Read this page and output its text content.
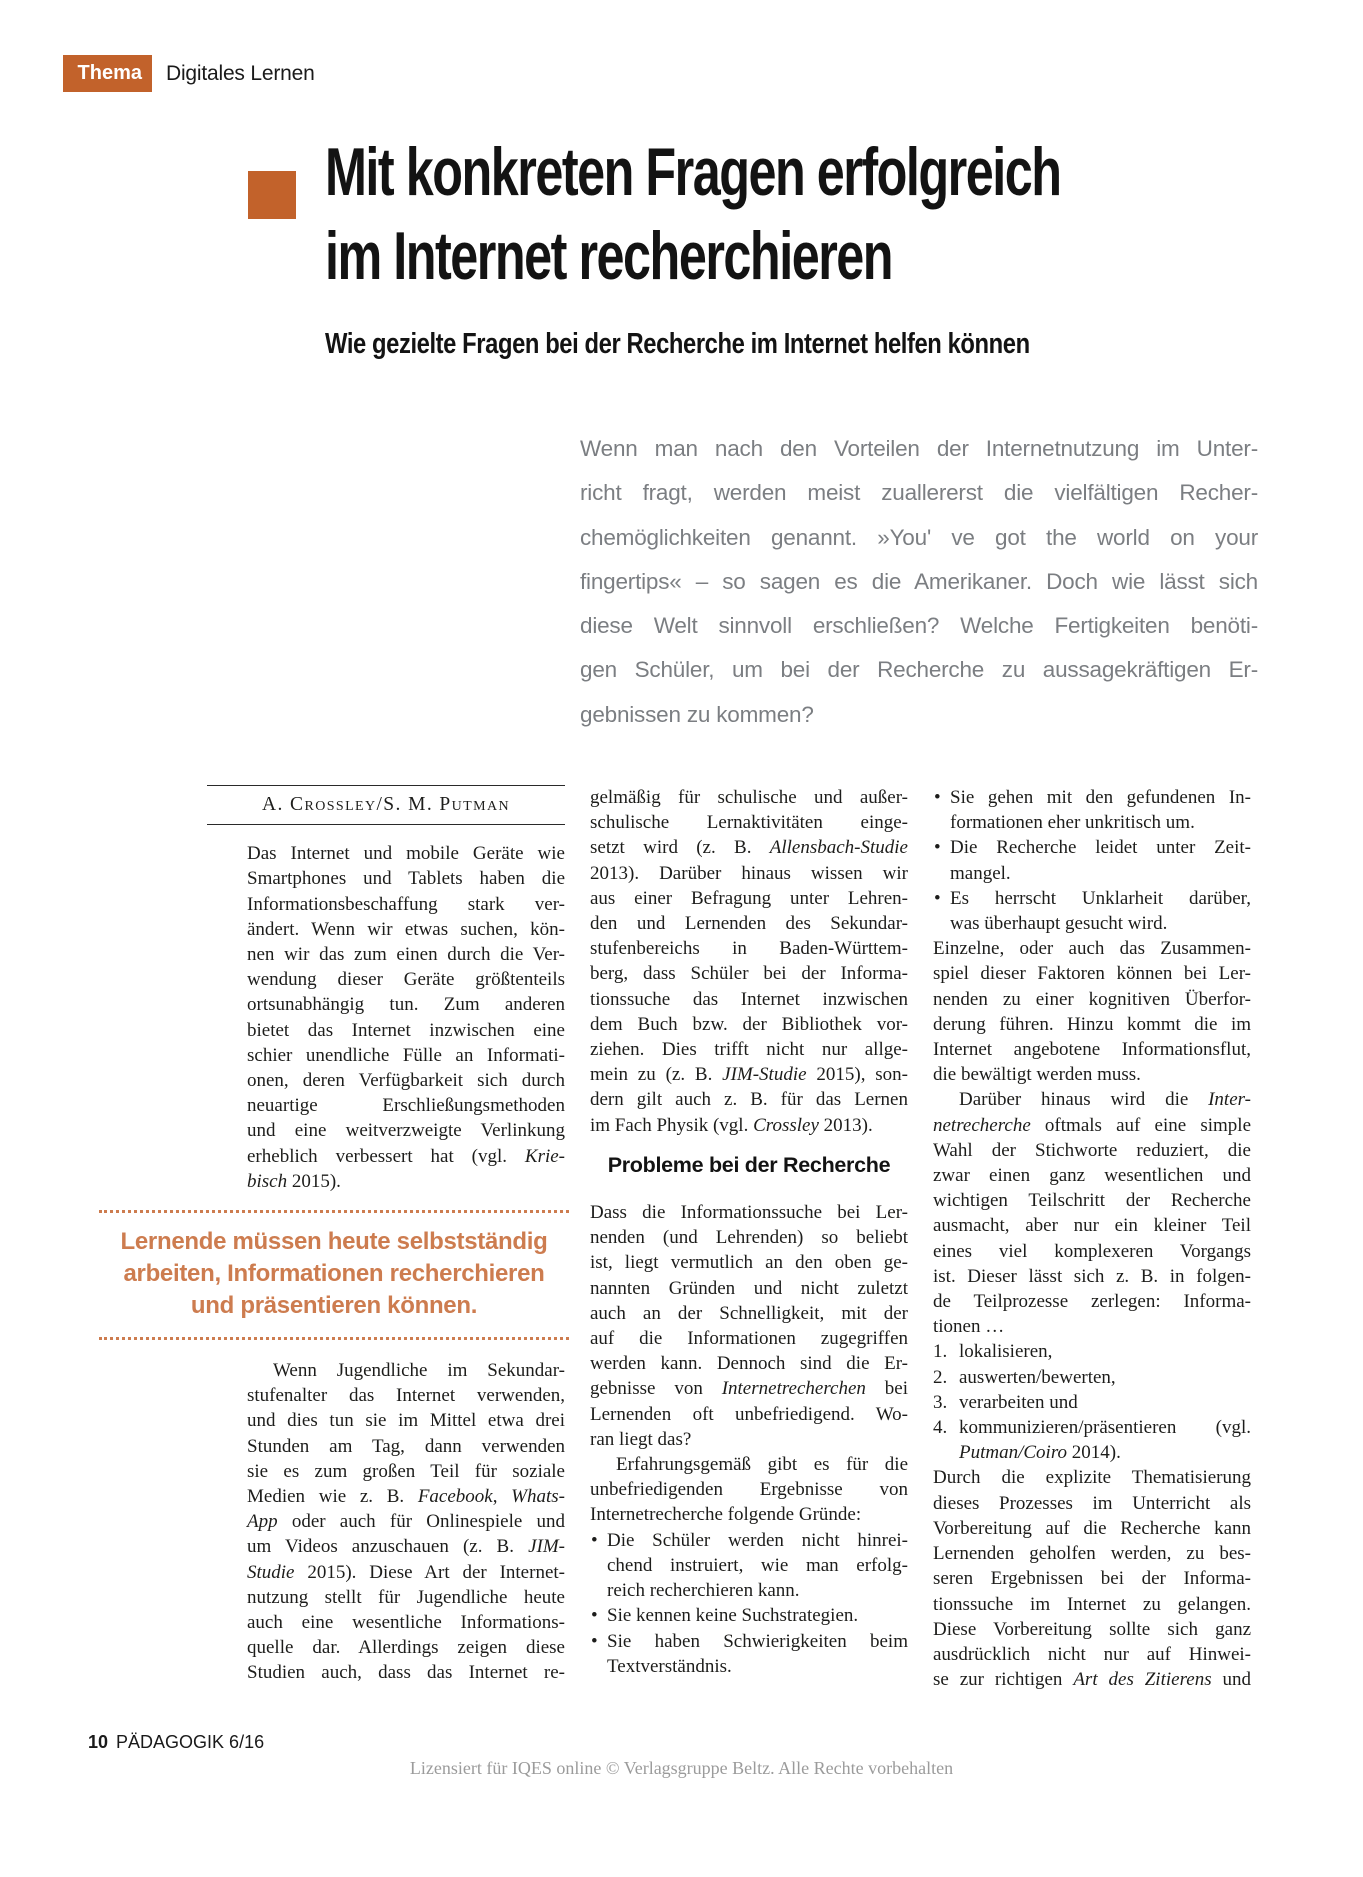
Thema Digitales Lernen
Mit konkreten Fragen erfolgreich
im Internet recherchieren
Wie gezielte Fragen bei der Recherche im Internet helfen können
Wenn man nach den Vorteilen der Internetnutzung im Unter-
richt fragt, werden meist zuallererst die vielfältigen Recher-
chemöglichkeiten genannt. »You' ve got the world on your
fingertips« – so sagen es die Amerikaner. Doch wie lässt sich
diese Welt sinnvoll erschließen? Welche Fertigkeiten benöti-
gen Schüler, um bei der Recherche zu aussagekräftigen Er-
gebnissen zu kommen?
A. Crossley/S. M. Putman
Das Internet und mobile Geräte wie
Smartphones und Tablets haben die
Informationsbeschaffung stark ver-
ändert. Wenn wir etwas suchen, kön-
nen wir das zum einen durch die Ver-
wendung dieser Geräte größtenteils
ortsunabhängig tun. Zum anderen
bietet das Internet inzwischen eine
schier unendliche Fülle an Informati-
onen, deren Verfügbarkeit sich durch
neuartige Erschließungsmethoden
und eine weitverzweigte Verlinkung
erheblich verbessert hat (vgl. Krie-
bisch 2015).
Lernende müssen heute selbstständig
arbeiten, Informationen recherchieren
und präsentieren können.
Wenn Jugendliche im Sekundar-
stufenalter das Internet verwenden,
und dies tun sie im Mittel etwa drei
Stunden am Tag, dann verwenden
sie es zum großen Teil für soziale
Medien wie z. B. Facebook, Whats-
App oder auch für Onlinespiele und
um Videos anzuschauen (z. B. JIM-
Studie 2015). Diese Art der Internet-
nutzung stellt für Jugendliche heute
auch eine wesentliche Informations-
quelle dar. Allerdings zeigen diese
Studien auch, dass das Internet re-
gelmäßig für schulische und außer-
schulische Lernaktivitäten einge-
setzt wird (z. B. Allensbach-Studie
2013). Darüber hinaus wissen wir
aus einer Befragung unter Lehren-
den und Lernenden des Sekundar-
stufenbereichs in Baden-Württem-
berg, dass Schüler bei der Informa-
tionssuche das Internet inzwischen
dem Buch bzw. der Bibliothek vor-
ziehen. Dies trifft nicht nur allge-
mein zu (z. B. JIM-Studie 2015), son-
dern gilt auch z. B. für das Lernen
im Fach Physik (vgl. Crossley 2013).
Probleme bei der Recherche
Dass die Informationssuche bei Ler-
nenden (und Lehrenden) so beliebt
ist, liegt vermutlich an den oben ge-
nannten Gründen und nicht zuletzt
auch an der Schnelligkeit, mit der
auf die Informationen zugegriffen
werden kann. Dennoch sind die Er-
gebnisse von Internetrecherchen bei
Lernenden oft unbefriedigend. Wo-
ran liegt das?
Erfahrungsgemäß gibt es für die
unbefriedigenden Ergebnisse von
Internetrecherche folgende Gründe:
• Die Schüler werden nicht hinrei-
chend instruiert, wie man erfolg-
reich recherchieren kann.
• Sie kennen keine Suchstrategien.
• Sie haben Schwierigkeiten beim
Textverständnis.
• Sie gehen mit den gefundenen In-
formationen eher unkritisch um.
• Die Recherche leidet unter Zeit-
mangel.
• Es herrscht Unklarheit darüber,
was überhaupt gesucht wird.
Einzelne, oder auch das Zusammen-
spiel dieser Faktoren können bei Ler-
nenden zu einer kognitiven Überfor-
derung führen. Hinzu kommt die im
Internet angebotene Informationsflut,
die bewältigt werden muss.
Darüber hinaus wird die Inter-
netrecherche oftmals auf eine simple
Wahl der Stichworte reduziert, die
zwar einen ganz wesentlichen und
wichtigen Teilschritt der Recherche
ausmacht, aber nur ein kleiner Teil
eines viel komplexeren Vorgangs
ist. Dieser lässt sich z. B. in folgen-
de Teilprozesse zerlegen: Informa-
tionen …
1. lokalisieren,
2. auswerten/bewerten,
3. verarbeiten und
4. kommunizieren/präsentieren (vgl.
Putman/Coiro 2014).
Durch die explizite Thematisierung
dieses Prozesses im Unterricht als
Vorbereitung auf die Recherche kann
Lernenden geholfen werden, zu bes-
seren Ergebnissen bei der Informa-
tionssuche im Internet zu gelangen.
Diese Vorbereitung sollte sich ganz
ausdrücklich nicht nur auf Hinwei-
se zur richtigen Art des Zitierens und
10 PÄDAGOGIK 6/16
Lizensiert für IQES online © Verlagsgruppe Beltz. Alle Rechte vorbehalten
